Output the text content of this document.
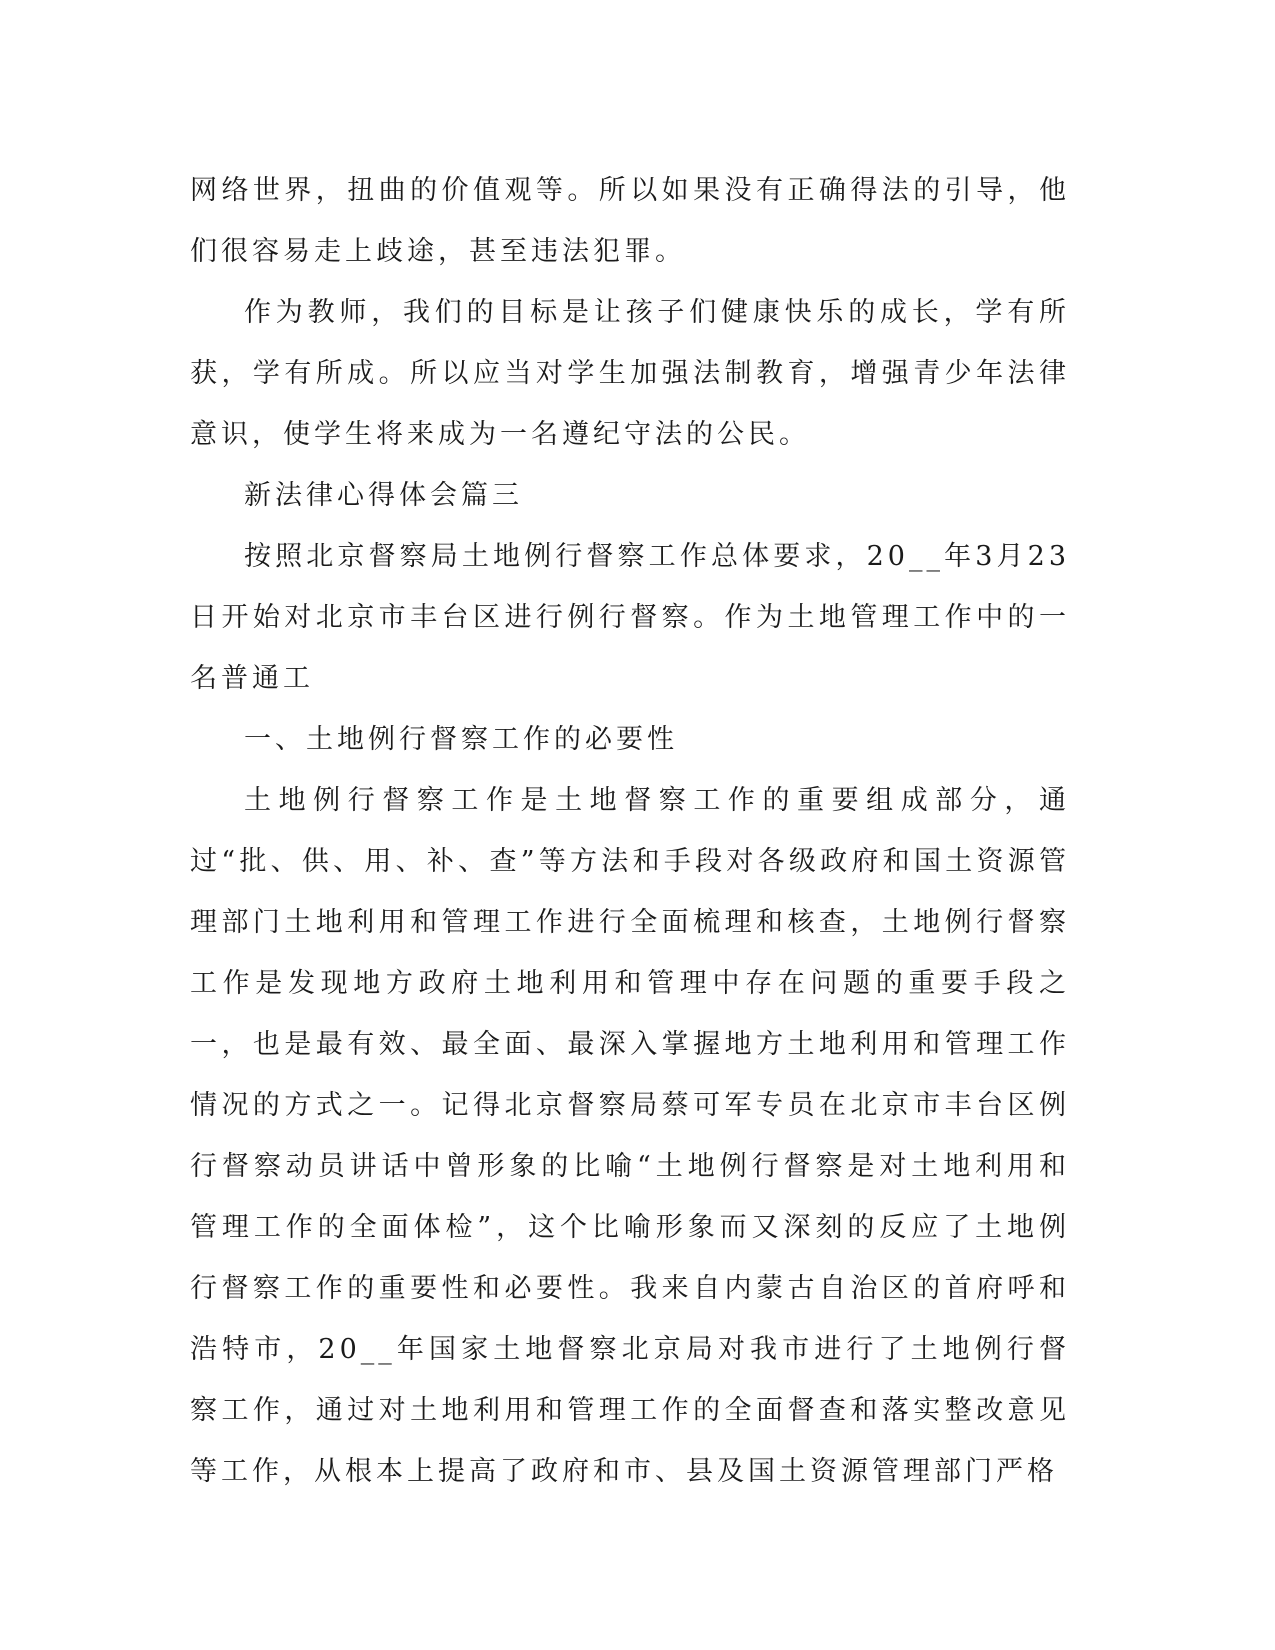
网络世界，扭曲的价值观等。所以如果没有正确得法的引导，他们很容易走上歧途，甚至违法犯罪。

作为教师，我们的目标是让孩子们健康快乐的成长，学有所获，学有所成。所以应当对学生加强法制教育，增强青少年法律意识，使学生将来成为一名遵纪守法的公民。

新法律心得体会篇三

按照北京督察局土地例行督察工作总体要求，20__年3月23日开始对北京市丰台区进行例行督察。作为土地管理工作中的一名普通工

一、土地例行督察工作的必要性

土地例行督察工作是土地督察工作的重要组成部分，通过“批、供、用、补、查”等方法和手段对各级政府和国土资源管理部门土地利用和管理工作进行全面梳理和核查，土地例行督察工作是发现地方政府土地利用和管理中存在问题的重要手段之一，也是最有效、最全面、最深入掌握地方土地利用和管理工作情况的方式之一。记得北京督察局蔡可军专员在北京市丰台区例行督察动员讲话中曾形象的比喻“土地例行督察是对土地利用和管理工作的全面体检”，这个比喻形象而又深刻的反应了土地例行督察工作的重要性和必要性。我来自内蒙古自治区的首府呼和浩特市，20__年国家土地督察北京局对我市进行了土地例行督察工作，通过对土地利用和管理工作的全面督查和落实整改意见等工作，从根本上提高了政府和市、县及国土资源管理部门严格
